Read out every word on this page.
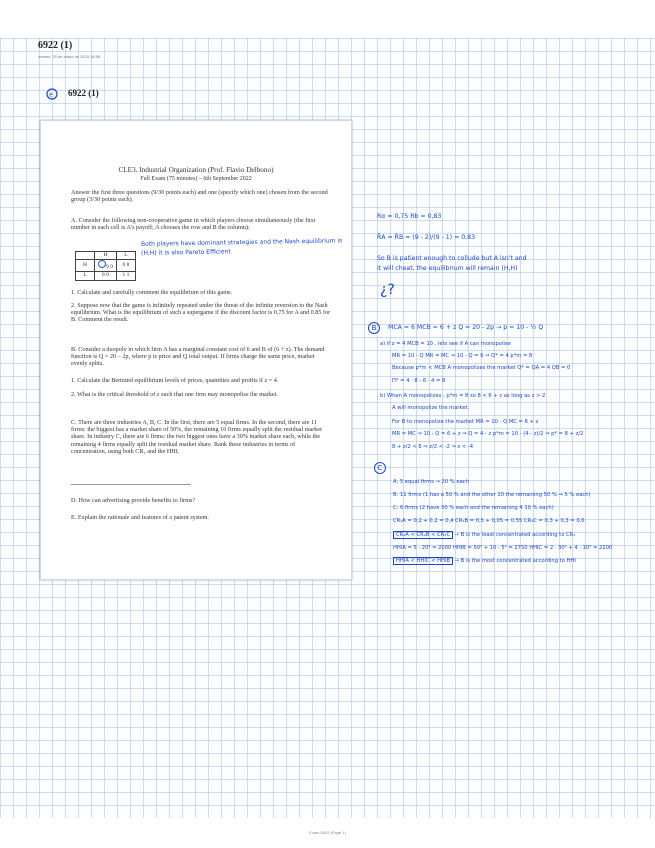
6922 (1)
martes, 20 de mayo de 2025 18:58
e 6922 (1)
CLE3. Industrial Organization (Prof. Flavio Delbono)
Full Exam (75 minutes) – 6th September 2022
Answer the first three questions (9/30 points each) and one (specify which one) chosen from the second group (3/30 points each).
A. Consider the following non-cooperative game in which players choose simultaneously (the first number in each cell is A's payoff; A chooses the row and B the column):
	H	L
H	9 9	0 8
L	8 0	1 1
Both players have dominant strategies and the Nash equilibrium is (H,H) it is also Pareto Efficient
1. Calculate and carefully comment the equilibrium of this game.
2. Suppose now that the game is infinitely repeated under the threat of the infinite reversion to the Nash equilibrium. What is the equilibrium of such a supergame if the discount factor is 0.75 for A and 0.85 for B. Comment the result.
B. Consider a duopoly in which firm A has a marginal constant cost of 6 and B of (6 + z). The demand function is Q = 20 – 2p, where p is price and Q total output. If firms charge the same price, market evenly splits.
1. Calculate the Bertrand equilibrium levels of prices, quantities and profits if z = 4.
2. What is the critical threshold of z such that one firm may monopolise the market.
C. There are three industries A, B, C. In the first, there are 5 equal firms. In the second, there are 11 firms: the biggest has a market share of 50%, the remaining 10 firms equally split the residual market share. In industry C, there are 6 firms: the two biggest ones have a 30% market share each, while the remaining 4 firms equally split the residual market share. Rank these industries in terms of concentration, using both CR₂ and the HHI.
D. How can advertising provide benefits to firms?
E. Explain the rationale and features of a patent system.
Rα = 0,75 Rb = 0,83
R̄A = R̄B = (9 - 2)/(9 - 1) = 0,83
So B is patient enough to collude but A isn't and
it will cheat, the equilibrium will remain (H,H)
¿?
B	MCA = 6 MCB = 6 + z Q = 20 - 2p → p = 10 - ½ Q
a) if z = 4 MCB = 10 , lets see if A can monopolise
MR = 10 - Q MR = MC ⇒ 10 - Q = 6 ⇒ Q* = 4 p*m = 8
Because p*m < MCB A monopolizes the market Q* = QA = 4 QB = 0
Π* = 4 · 8 - 6 · 4 = 8
b) When A monopolizes : p*m = 8 so 8 < 6 + z as long as z > 2
A will monopolize the market.
For B to monopolize the market MR = 10 - Q MC = 6 + z
MR = MC ⇒ 10 - Q = 6 + z ⇒ Q = 4 - z p*m = 10 - (4 - z)/2 ⇒ p* = 8 + z/2
8 + z/2 < 6 ⇒ z/2 < -2 ⇒ z < -4
C
A: 5 equal firms → 20 % each
B: 11 firms (1 has a 50 % and the other 10 the remaining 50 % → 5 % each)
C: 6 firms (2 have 30 % each and the remaining 4 10 % each)
CR₂A = 0,2 + 0,2 = 0,4 CR₂B = 0,5 + 0,05 = 0,55 CR₂C = 0,3 + 0,3 = 0,6
CR₂A < CR₂B < CR₂C → B is the least concentrated according to CR₂
HHIA = 5 · 20² = 2000 HHIB = 50² + 10 · 5² = 2750 HHIC = 2 · 30² + 4 · 10² = 2200
HHIA < HHIC < HHIB → B is the most concentrated according to HHI
Exam 6922 (Page 1)
